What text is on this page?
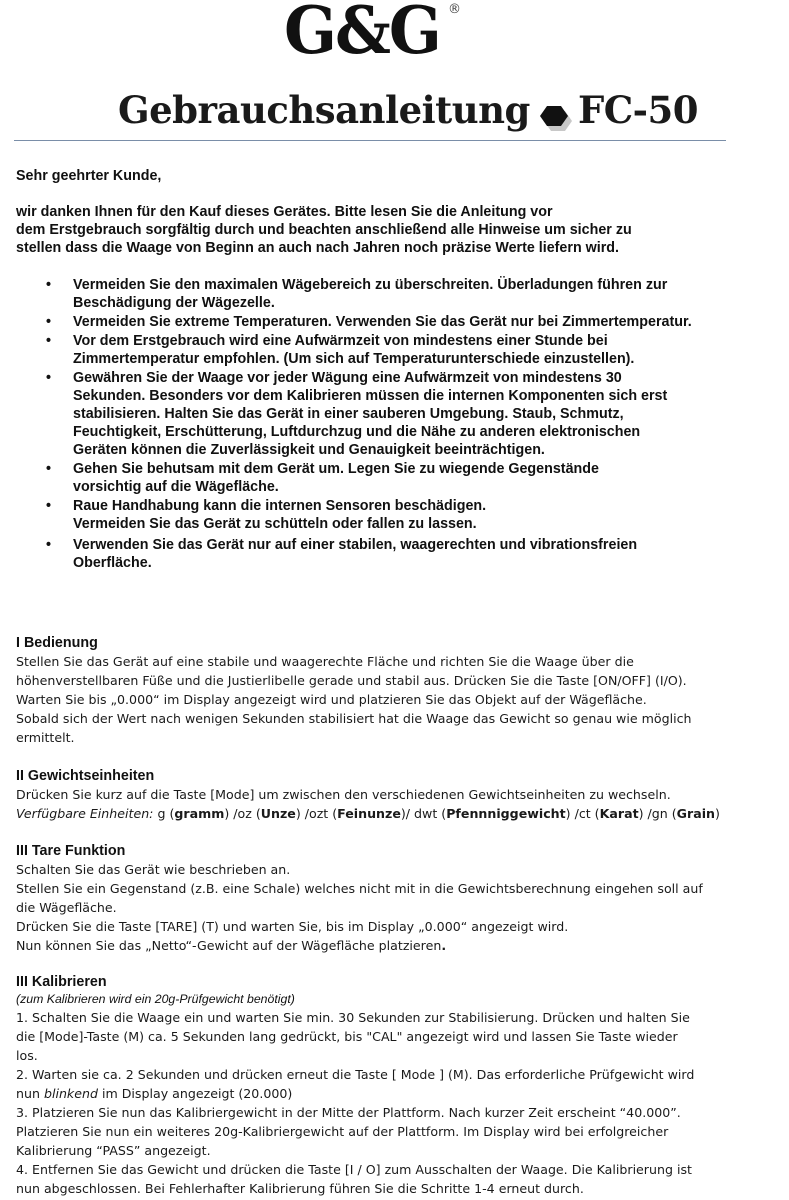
G&G ®
Gebrauchsanleitung FC-50
Sehr geehrter Kunde,
wir danken Ihnen für den Kauf dieses Gerätes. Bitte lesen Sie die Anleitung vor
dem Erstgebrauch sorgfältig durch und beachten anschließend alle Hinweise um sicher zu
stellen dass die Waage von Beginn an auch nach Jahren noch präzise Werte liefern wird.
• Vermeiden Sie den maximalen Wägebereich zu überschreiten. Überladungen führen zur
Beschädigung der Wägezelle.
• Vermeiden Sie extreme Temperaturen. Verwenden Sie das Gerät nur bei Zimmertemperatur.
• Vor dem Erstgebrauch wird eine Aufwärmzeit von mindestens einer Stunde bei
Zimmertemperatur empfohlen. (Um sich auf Temperaturunterschiede einzustellen).
• Gewähren Sie der Waage vor jeder Wägung eine Aufwärmzeit von mindestens 30
Sekunden. Besonders vor dem Kalibrieren müssen die internen Komponenten sich erst
stabilisieren. Halten Sie das Gerät in einer sauberen Umgebung. Staub, Schmutz,
Feuchtigkeit, Erschütterung, Luftdurchzug und die Nähe zu anderen elektronischen
Geräten können die Zuverlässigkeit und Genauigkeit beeinträchtigen.
• Gehen Sie behutsam mit dem Gerät um. Legen Sie zu wiegende Gegenstände
vorsichtig auf die Wägefläche.
• Raue Handhabung kann die internen Sensoren beschädigen.
Vermeiden Sie das Gerät zu schütteln oder fallen zu lassen.
• Verwenden Sie das Gerät nur auf einer stabilen, waagerechten und vibrationsfreien
Oberfläche.
I Bedienung
Stellen Sie das Gerät auf eine stabile und waagerechte Fläche und richten Sie die Waage über die
höhenverstellbaren Füße und die Justierlibelle gerade und stabil aus. Drücken Sie die Taste [ON/OFF] (I/O).
Warten Sie bis „0.000“ im Display angezeigt wird und platzieren Sie das Objekt auf der Wägefläche.
Sobald sich der Wert nach wenigen Sekunden stabilisiert hat die Waage das Gewicht so genau wie möglich
ermittelt.
II Gewichtseinheiten
Drücken Sie kurz auf die Taste [Mode] um zwischen den verschiedenen Gewichtseinheiten zu wechseln.
Verfügbare Einheiten: g (gramm) /oz (Unze) /ozt (Feinunze)/ dwt (Pfennniggewicht) /ct (Karat) /gn (Grain)
III Tare Funktion
Schalten Sie das Gerät wie beschrieben an.
Stellen Sie ein Gegenstand (z.B. eine Schale) welches nicht mit in die Gewichtsberechnung eingehen soll auf
die Wägefläche.
Drücken Sie die Taste [TARE] (T) und warten Sie, bis im Display „0.000“ angezeigt wird.
Nun können Sie das „Netto“-Gewicht auf der Wägefläche platzieren.
III Kalibrieren
(zum Kalibrieren wird ein 20g-Prüfgewicht benötigt)
1. Schalten Sie die Waage ein und warten Sie min. 30 Sekunden zur Stabilisierung. Drücken und halten Sie
die [Mode]-Taste (M) ca. 5 Sekunden lang gedrückt, bis "CAL" angezeigt wird und lassen Sie Taste wieder
los.
2. Warten sie ca. 2 Sekunden und drücken erneut die Taste [ Mode ] (M). Das erforderliche Prüfgewicht wird
nun blinkend im Display angezeigt (20.000)
3. Platzieren Sie nun das Kalibriergewicht in der Mitte der Plattform. Nach kurzer Zeit erscheint “40.000”.
Platzieren Sie nun ein weiteres 20g-Kalibriergewicht auf der Plattform. Im Display wird bei erfolgreicher
Kalibrierung “PASS” angezeigt.
4. Entfernen Sie das Gewicht und drücken die Taste [I / O] zum Ausschalten der Waage. Die Kalibrierung ist
nun abgeschlossen. Bei Fehlerhafter Kalibrierung führen Sie die Schritte 1-4 erneut durch.
